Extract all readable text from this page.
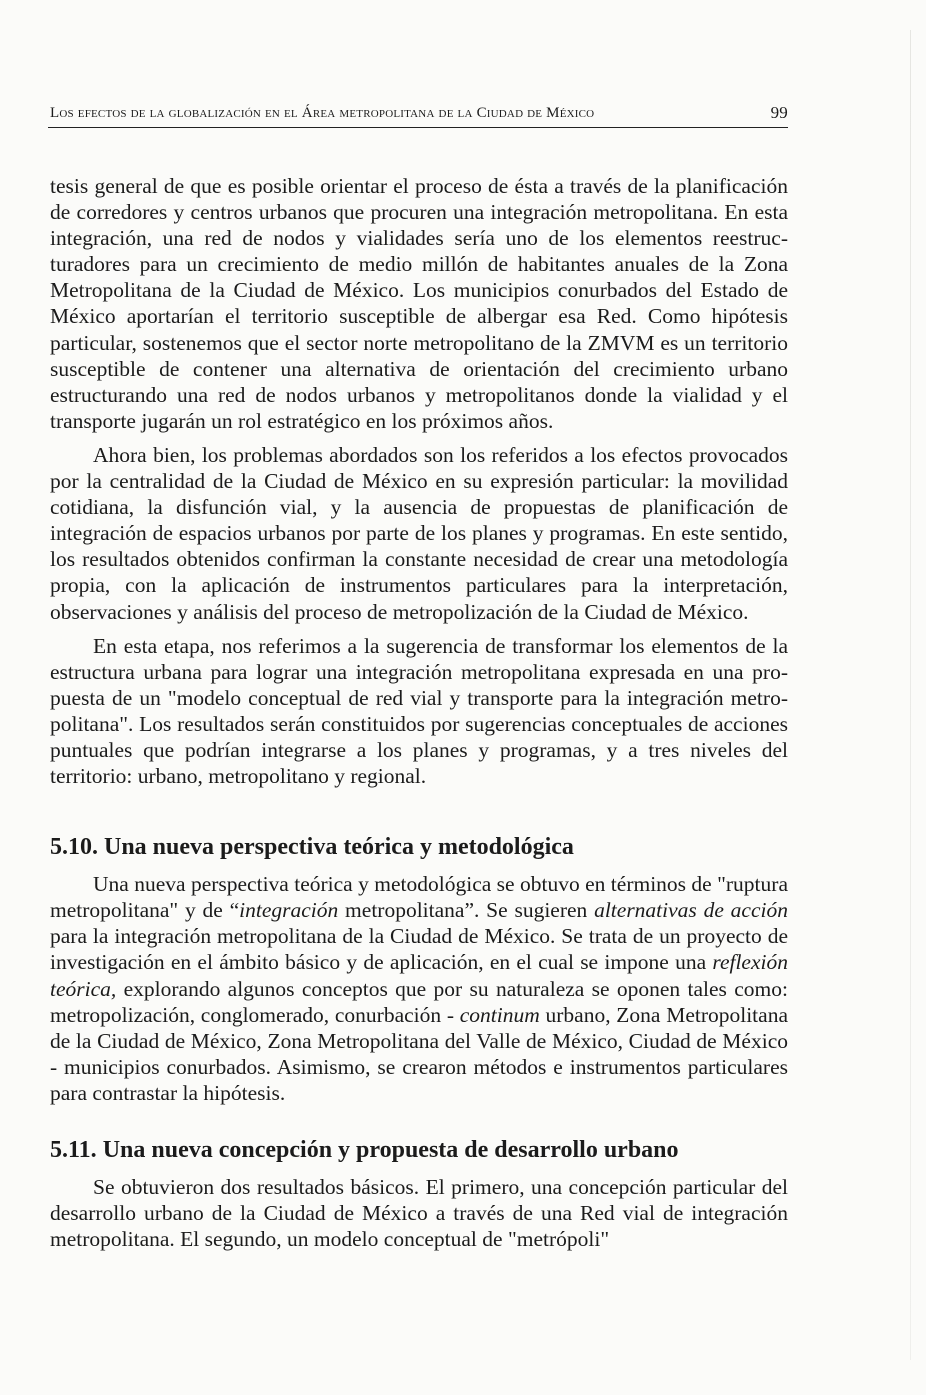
Los efectos de la globalización en el Área metropolitana de la Ciudad de México	99

tesis general de que es posible orientar el proceso de ésta a través de la planificación de corredores y centros urbanos que procuren una integración metropolitana. En esta integración, una red de nodos y vialidades sería uno de los elementos reestructuradores para un crecimiento de medio millón de habitantes anuales de la Zona Metropolitana de la Ciudad de México. Los municipios conurbados del Estado de México aportarían el territorio susceptible de albergar esa Red. Como hipótesis particular, sostenemos que el sector norte metropolitano de la ZMVM es un territorio susceptible de contener una alternativa de orientación del crecimiento urbano estructurando una red de nodos urbanos y metropolitanos donde la vialidad y el transporte jugarán un rol estratégico en los próximos años.

Ahora bien, los problemas abordados son los referidos a los efectos provocados por la centralidad de la Ciudad de México en su expresión particular: la movilidad cotidiana, la disfunción vial, y la ausencia de propuestas de planificación de integración de espacios urbanos por parte de los planes y programas. En este sentido, los resultados obtenidos confirman la constante necesidad de crear una metodología propia, con la aplicación de instrumentos particulares para la interpretación, observaciones y análisis del proceso de metropolización de la Ciudad de México.

En esta etapa, nos referimos a la sugerencia de transformar los elementos de la estructura urbana para lograr una integración metropolitana expresada en una propuesta de un "modelo conceptual de red vial y transporte para la integración metropolitana". Los resultados serán constituidos por sugerencias conceptuales de acciones puntuales que podrían integrarse a los planes y programas, y a tres niveles del territorio: urbano, metropolitano y regional.

5.10. Una nueva perspectiva teórica y metodológica

Una nueva perspectiva teórica y metodológica se obtuvo en términos de "ruptura metropolitana" y de “integración metropolitana”. Se sugieren alternativas de acción para la integración metropolitana de la Ciudad de México. Se trata de un proyecto de investigación en el ámbito básico y de aplicación, en el cual se impone una reflexión teórica, explorando algunos conceptos que por su naturaleza se oponen tales como: metropolización, conglomerado, conurbación - continum urbano, Zona Metropolitana de la Ciudad de México, Zona Metropolitana del Valle de México, Ciudad de México - municipios conurbados. Asimismo, se crearon métodos e instrumentos particulares para contrastar la hipótesis.

5.11. Una nueva concepción y propuesta de desarrollo urbano

Se obtuvieron dos resultados básicos. El primero, una concepción particular del desarrollo urbano de la Ciudad de México a través de una Red vial de integración metropolitana. El segundo, un modelo conceptual de "metrópoli"
